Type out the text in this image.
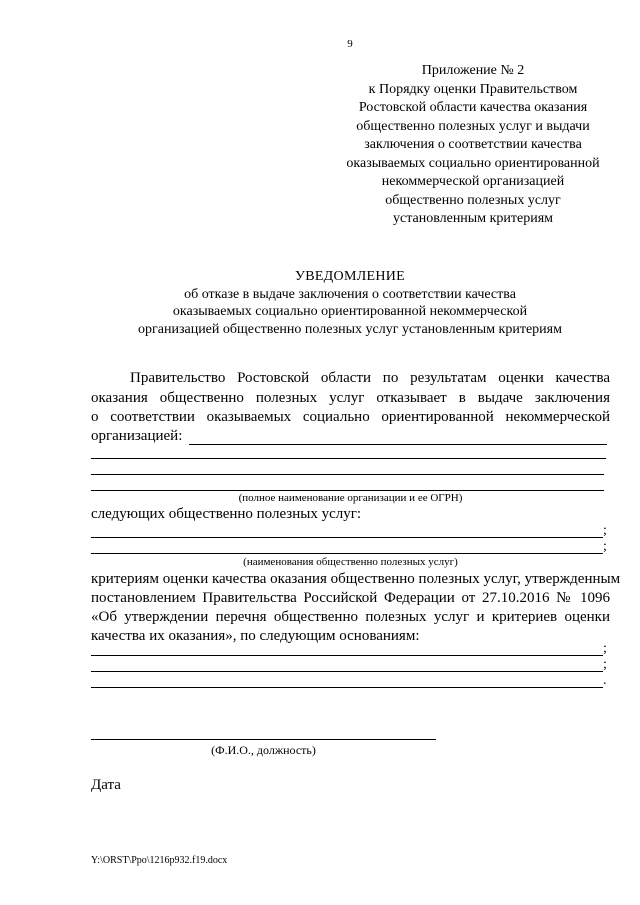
9
Приложение № 2
к Порядку оценки Правительством
Ростовской области качества оказания
общественно полезных услуг и выдачи
заключения о соответствии качества
оказываемых социально ориентированной
некоммерческой организацией
общественно полезных услуг
установленным критериям
УВЕДОМЛЕНИЕ
об отказе в выдаче заключения о соответствии качества
оказываемых социально ориентированной некоммерческой
организацией общественно полезных услуг установленным критериям
Правительство Ростовской области по результатам оценки качества
оказания общественно полезных услуг отказывает в выдаче заключения
о соответствии оказываемых социально ориентированной некоммерческой
организацией:
(полное наименование организации и ее ОГРН)
следующих общественно полезных услуг:
;
;
(наименования общественно полезных услуг)
критериям оценки качества оказания общественно полезных услуг, утвержденным
постановлением Правительства Российской Федерации от 27.10.2016 № 1096
«Об утверждении перечня общественно полезных услуг и критериев оценки
качества их оказания», по следующим основаниям:
;
;
.
(Ф.И.О., должность)
Дата
Y:\ORST\Ppo\1216p932.f19.docx
